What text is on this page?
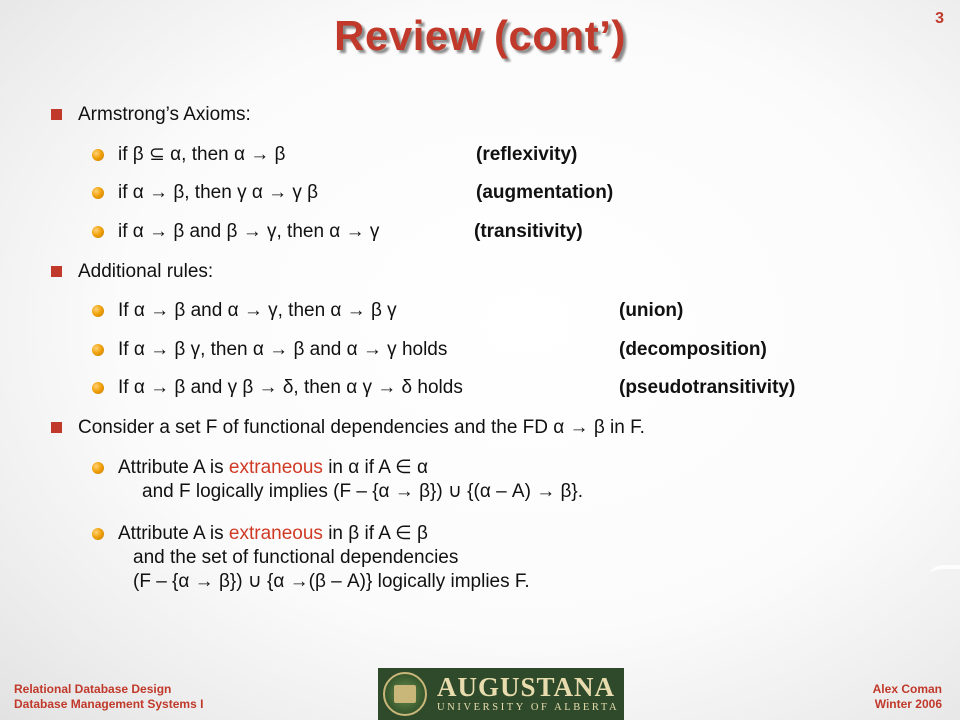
Review (cont’)	3
Armstrong’s Axioms:
if β ⊆ α, then α → β	(reflexivity)
if α → β, then γ α → γ β	(augmentation)
if α → β and β → γ, then α → γ	(transitivity)
Additional rules:
If α → β and α → γ, then α → β γ	(union)
If α → β γ, then α → β and α → γ holds	(decomposition)
If α → β and γ β → δ, then α γ → δ holds	(pseudotransitivity)
Consider a set F of functional dependencies and the FD α → β in F.
Attribute A is extraneous in α if A ∈ α
and F logically implies (F – {α → β}) ∪ {(α – A) → β}.
Attribute A is extraneous in β if A ∈ β
and the set of functional dependencies
(F – {α → β}) ∪ {α →(β – A)} logically implies F.
Relational Database Design
Database Management Systems I
AUGUSTANA
UNIVERSITY OF ALBERTA
Alex Coman
Winter 2006
